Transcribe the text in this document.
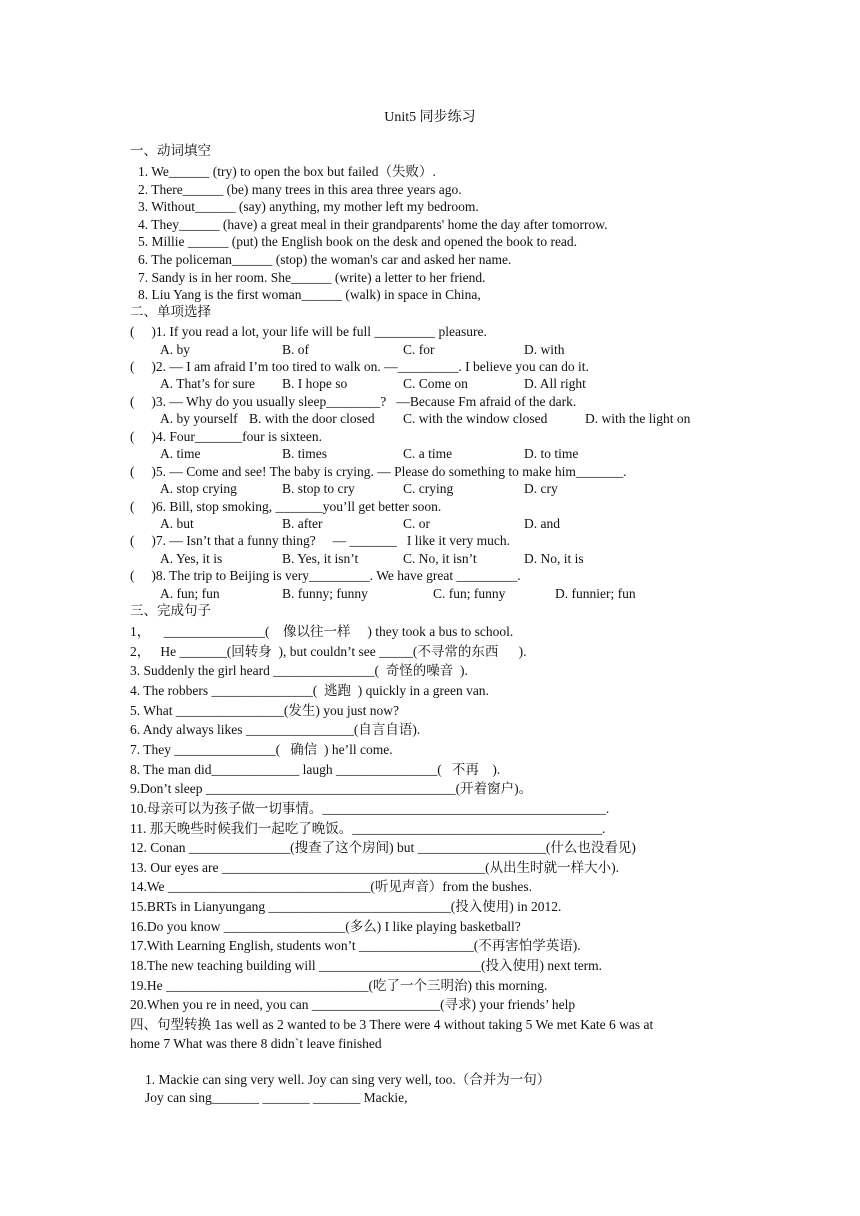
Unit5 同步练习
一、动词填空
1. We______ (try) to open the box but failed（失败）.
2. There______ (be) many trees in this area three years ago.
3. Without______ (say) anything, my mother left my bedroom.
4. They______ (have) a great meal in their grandparents' home the day after tomorrow.
5. Millie ______ (put) the English book on the desk and opened the book to read.
6. The policeman______ (stop) the woman's car and asked her name.
7. Sandy is in her room. She______ (write) a letter to her friend.
8. Liu Yang is the first woman______ (walk) in space in China,
二、单项选择
(     )1. If you read a lot, your life will be full _________ pleasure.
A. by	B. of	C. for	D. with
(     )2. — I am afraid I’m too tired to walk on. —_________. I believe you can do it.
A. That’s for sure B. I hope so	C. Come on	D. All right
(     )3. — Why do you usually sleep________?   —Because Fm afraid of the dark.
A. by yourself B. with the door closed C. with the window closed	D. with the light on
(     )4. Four_______four is sixteen.
A. time	B. times	C. a time	D. to time
(     )5. — Come and see! The baby is crying. — Please do something to make him_______.
A. stop crying	B. stop to cry	C. crying	D. cry
(     )6. Bill, stop smoking, _______you’ll get better soon.
A. but	B. after	C. or	D. and
(     )7. — Isn’t that a funny thing?     — _______   I like it very much.
A. Yes, it is	B. Yes, it isn’t	C. No, it isn’t	D. No, it is
(     )8. The trip to Beijing is very_________. We have great _________.
A. fun; fun	B. funny; funny	C. fun; funny	D. funnier; fun
三、完成句子
1，    _______________(    像以往一样     ) they took a bus to school.
2，   He _______(回转身  ), but couldn’t see _____(不寻常的东西      ).
3. Suddenly the girl heard _______________(  奇怪的噪音  ).
4. The robbers _______________(  逃跑  ) quickly in a green van.
5. What ________________(发生) you just now?
6. Andy always likes ________________(自言自语).
7. They _______________(   确信  ) he’ll come.
8. The man did_____________ laugh _______________(   不再    ).
9.Don’t sleep _____________________________________(开着窗户)。
10.母亲可以为孩子做一切事情。__________________________________________.
11. 那天晚些时候我们一起吃了晚饭。_____________________________________.
12. Conan _______________(搜查了这个房间) but ___________________(什么也没看见)
13. Our eyes are _______________________________________(从出生时就一样大小).
14.We ______________________________(听见声音）from the bushes.
15.BRTs in Lianyungang ___________________________(投入使用) in 2012.
16.Do you know __________________(多么) I like playing basketball?
17.With Learning English, students won’t _________________(不再害怕学英语).
18.The new teaching building will ________________________(投入使用) next term.
19.He ______________________________(吃了一个三明治) this morning.
20.When you re in need, you can ___________________(寻求) your friends’ help
四、句型转换 1as well as 2 wanted to be 3 There were 4 without taking 5 We met Kate 6 was at
home 7 What was there 8 didn`t leave finished
1. Mackie can sing very well. Joy can sing very well, too.（合并为一句）
Joy can sing_______ _______ _______ Mackie,
